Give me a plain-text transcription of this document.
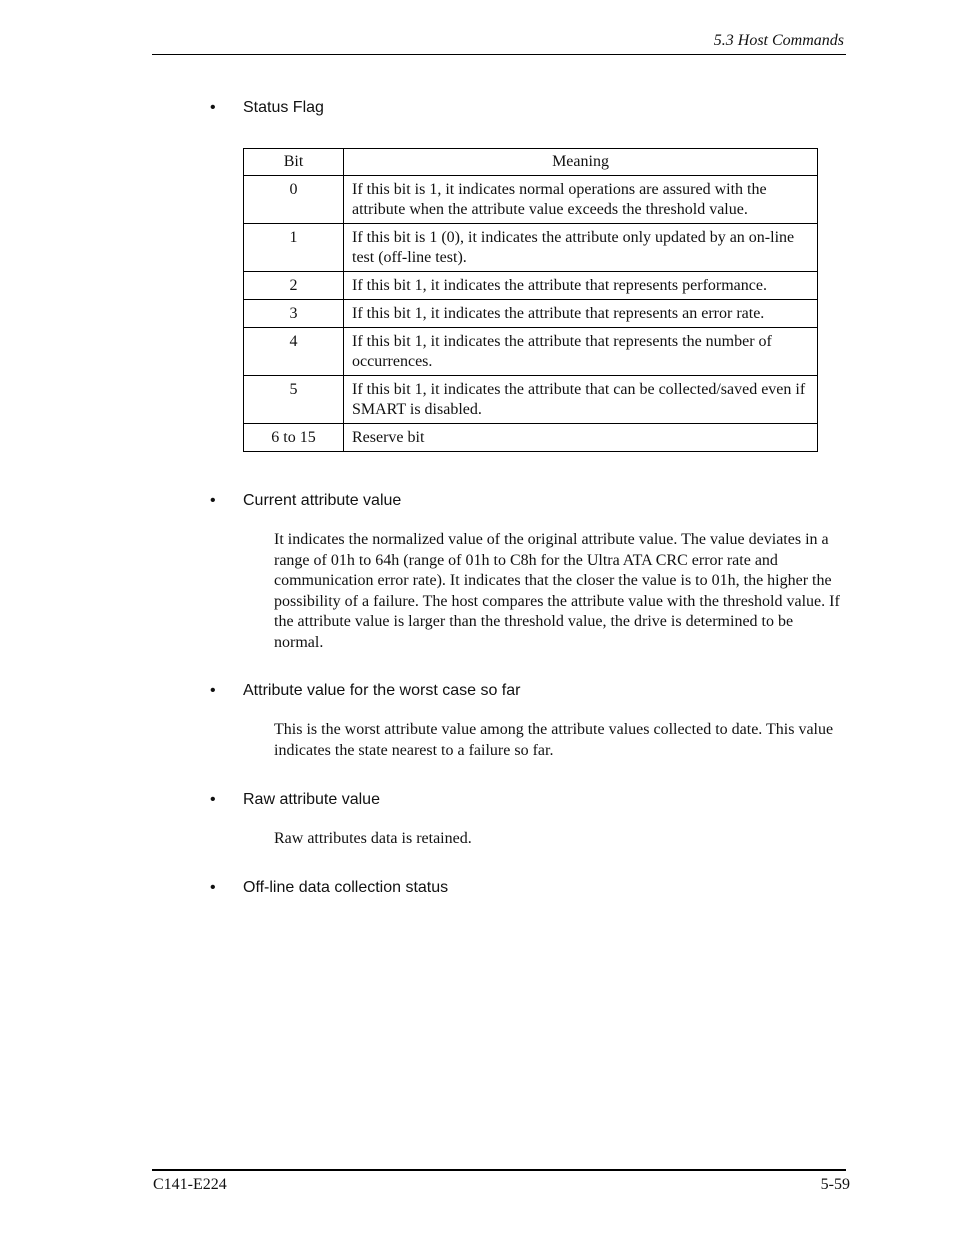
5.3 Host Commands
• Status Flag
Bit	Meaning
0	If this bit is 1, it indicates normal operations are assured with the attribute when the attribute value exceeds the threshold value.
1	If this bit is 1 (0), it indicates the attribute only updated by an on-line test (off-line test).
2	If this bit 1, it indicates the attribute that represents performance.
3	If this bit 1, it indicates the attribute that represents an error rate.
4	If this bit 1, it indicates the attribute that represents the number of occurrences.
5	If this bit 1, it indicates the attribute that can be collected/saved even if SMART is disabled.
6 to 15	Reserve bit
• Current attribute value
It indicates the normalized value of the original attribute value. The value deviates in a range of 01h to 64h (range of 01h to C8h for the Ultra ATA CRC error rate and communication error rate). It indicates that the closer the value is to 01h, the higher the possibility of a failure. The host compares the attribute value with the threshold value. If the attribute value is larger than the threshold value, the drive is determined to be normal.
• Attribute value for the worst case so far
This is the worst attribute value among the attribute values collected to date. This value indicates the state nearest to a failure so far.
• Raw attribute value
Raw attributes data is retained.
• Off-line data collection status
C141-E224	5-59
